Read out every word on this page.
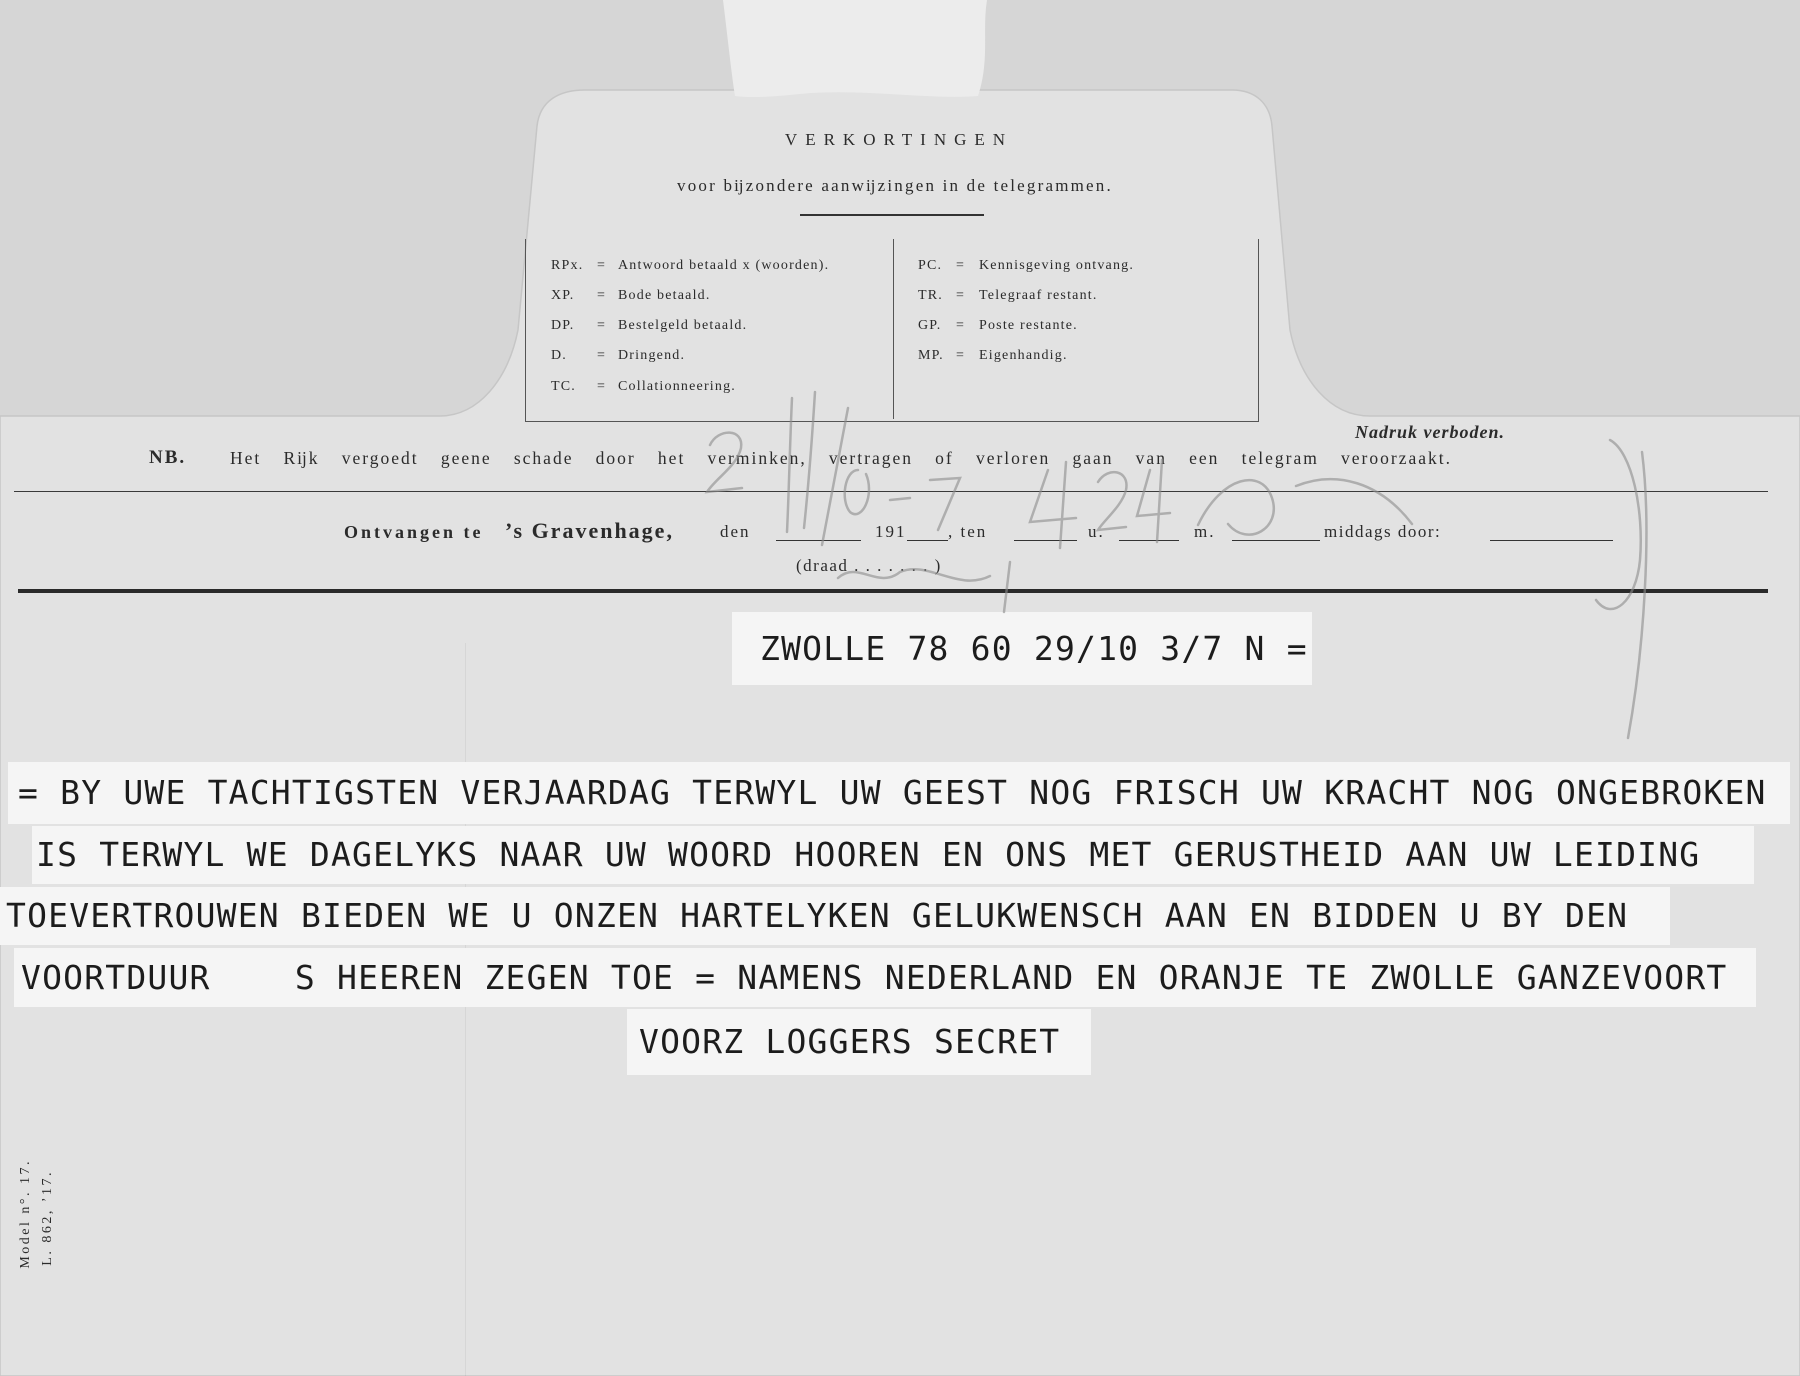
VERKORTINGEN
voor bĳzondere aanwĳzingen in de telegrammen.
RPx. = Antwoord betaald x (woorden).
XP. = Bode betaald.
DP. = Bestelgeld betaald.
D. = Dringend.
TC. = Collationneering.
PC. = Kennisgeving ontvang.
TR. = Telegraaf restant.
GP. = Poste restante.
MP. = Eigenhandig.
Nadruk verboden.
NB.	Het Rĳk vergoedt geene schade door het verminken, vertragen of verloren gaan van een telegram veroorzaakt.
Ontvangen te ’s Gravenhage,	den	191 , ten	u.	m.	middags door:
(draad . . . . . . . )
ZWOLLE 78 60 29/10 3/7 N =
= BY UWE TACHTIGSTEN VERJAARDAG TERWYL UW GEEST NOG FRISCH UW KRACHT NOG ONGEBROKEN
IS TERWYL WE DAGELYKS NAAR UW WOORD HOOREN EN ONS MET GERUSTHEID AAN UW LEIDING
TOEVERTROUWEN BIEDEN WE U ONZEN HARTELYKEN GELUKWENSCH AAN EN BIDDEN U BY DEN
VOORTDUUR    S HEEREN ZEGEN TOE = NAMENS NEDERLAND EN ORANJE TE ZWOLLE GANZEVOORT
VOORZ LOGGERS SECRET
Model n°. 17. L. 862, ’17.
